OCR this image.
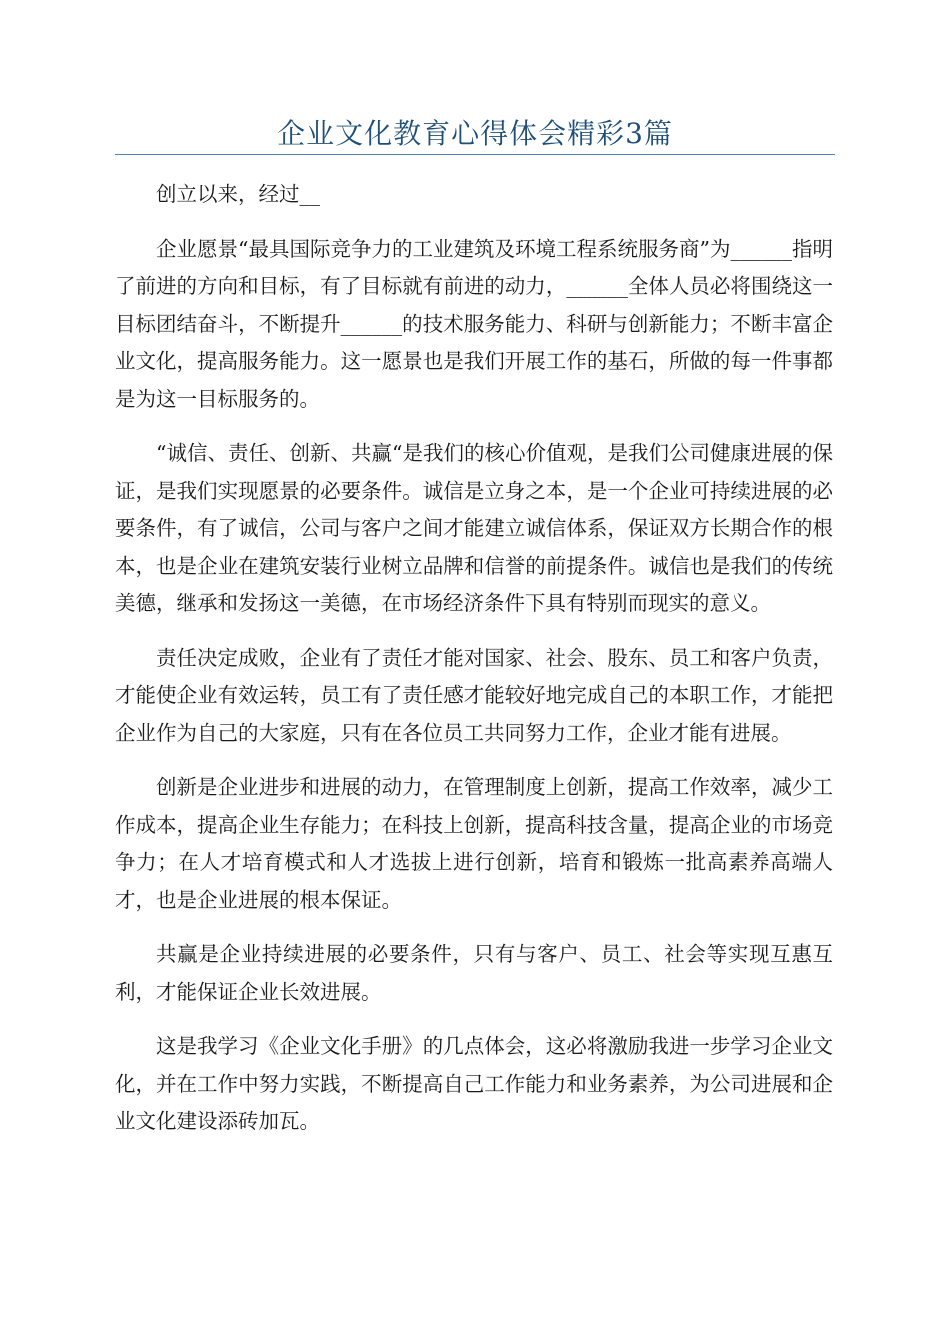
企业文化教育心得体会精彩3篇

创立以来，经过__

企业愿景“最具国际竞争力的工业建筑及环境工程系统服务商”为______指明了前进的方向和目标，有了目标就有前进的动力，______全体人员必将围绕这一目标团结奋斗，不断提升______的技术服务能力、科研与创新能力；不断丰富企业文化，提高服务能力。这一愿景也是我们开展工作的基石，所做的每一件事都是为这一目标服务的。

“诚信、责任、创新、共赢“是我们的核心价值观，是我们公司健康进展的保证，是我们实现愿景的必要条件。诚信是立身之本，是一个企业可持续进展的必要条件，有了诚信，公司与客户之间才能建立诚信体系，保证双方长期合作的根本，也是企业在建筑安装行业树立品牌和信誉的前提条件。诚信也是我们的传统美德，继承和发扬这一美德，在市场经济条件下具有特别而现实的意义。

责任决定成败，企业有了责任才能对国家、社会、股东、员工和客户负责，才能使企业有效运转，员工有了责任感才能较好地完成自己的本职工作，才能把企业作为自己的大家庭，只有在各位员工共同努力工作，企业才能有进展。

创新是企业进步和进展的动力，在管理制度上创新，提高工作效率，减少工作成本，提高企业生存能力；在科技上创新，提高科技含量，提高企业的市场竞争力；在人才培育模式和人才选拔上进行创新，培育和锻炼一批高素养高端人才，也是企业进展的根本保证。

共赢是企业持续进展的必要条件，只有与客户、员工、社会等实现互惠互利，才能保证企业长效进展。

这是我学习《企业文化手册》的几点体会，这必将激励我进一步学习企业文化，并在工作中努力实践，不断提高自己工作能力和业务素养，为公司进展和企业文化建设添砖加瓦。
